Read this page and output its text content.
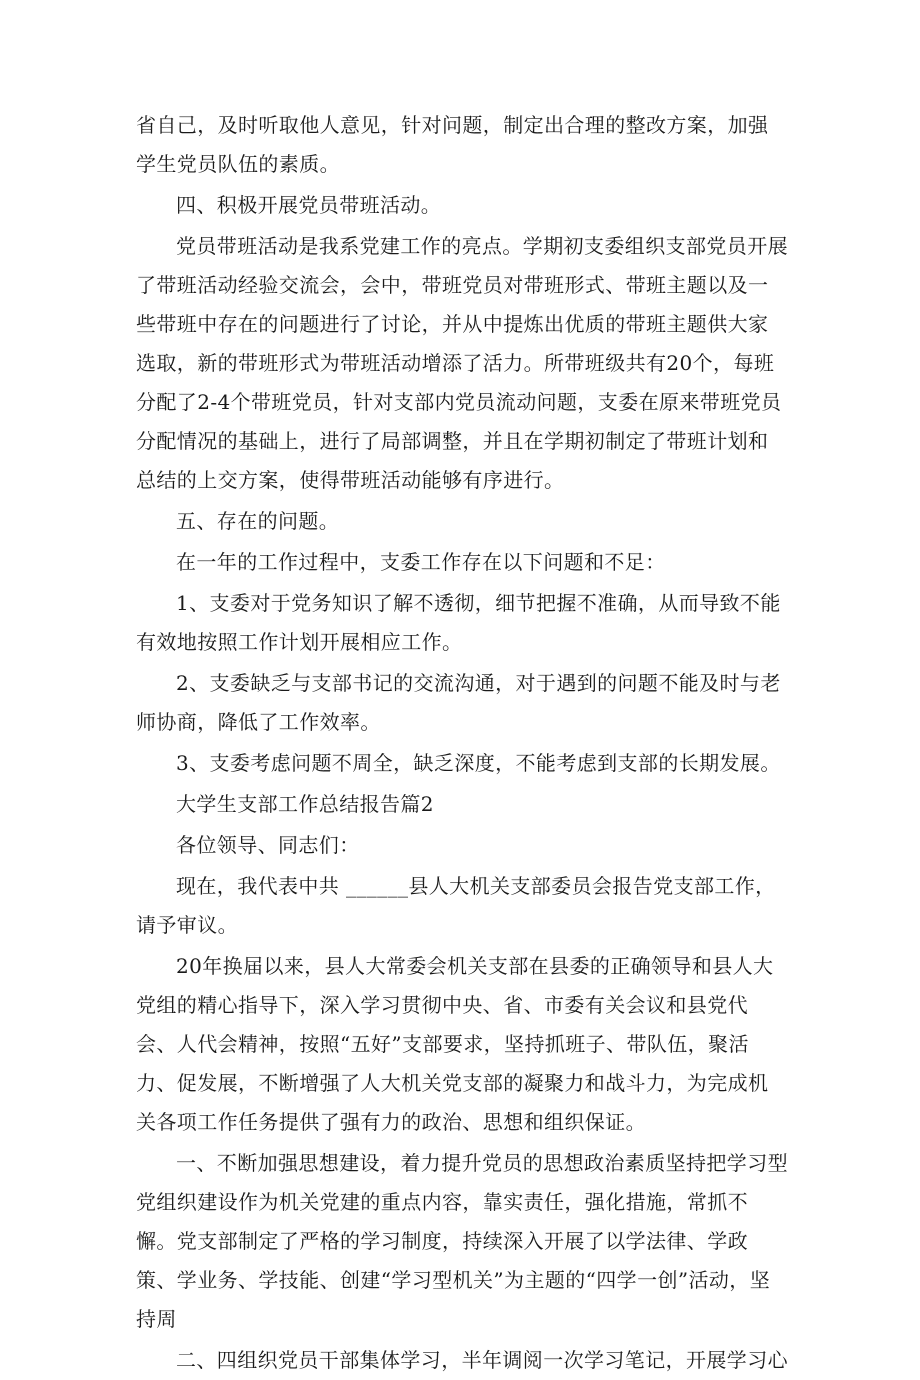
省自己，及时听取他人意见，针对问题，制定出合理的整改方案，加强学生党员队伍的素质。

四、积极开展党员带班活动。

党员带班活动是我系党建工作的亮点。学期初支委组织支部党员开展了带班活动经验交流会，会中，带班党员对带班形式、带班主题以及一些带班中存在的问题进行了讨论，并从中提炼出优质的带班主题供大家选取，新的带班形式为带班活动增添了活力。所带班级共有20个，每班分配了2-4个带班党员，针对支部内党员流动问题，支委在原来带班党员分配情况的基础上，进行了局部调整，并且在学期初制定了带班计划和总结的上交方案，使得带班活动能够有序进行。

五、存在的问题。

在一年的工作过程中，支委工作存在以下问题和不足：

1、支委对于党务知识了解不透彻，细节把握不准确，从而导致不能有效地按照工作计划开展相应工作。

2、支委缺乏与支部书记的交流沟通，对于遇到的问题不能及时与老师协商，降低了工作效率。

3、支委考虑问题不周全，缺乏深度，不能考虑到支部的长期发展。

大学生支部工作总结报告篇2

各位领导、同志们：

现在，我代表中共 ______县人大机关支部委员会报告党支部工作，

请予审议。

20年换届以来，县人大常委会机关支部在县委的正确领导和县人大党组的精心指导下，深入学习贯彻中央、省、市委有关会议和县党代会、人代会精神，按照“五好”支部要求，坚持抓班子、带队伍，聚活力、促发展，不断增强了人大机关党支部的凝聚力和战斗力，为完成机关各项工作任务提供了强有力的政治、思想和组织保证。

一、不断加强思想建设，着力提升党员的思想政治素质坚持把学习型党组织建设作为机关党建的重点内容，靠实责任，强化措施，常抓不懈。党支部制定了严格的学习制度，持续深入开展了以学法律、学政策、学业务、学技能、创建“学习型机关”为主题的“四学一创”活动，坚持周

二、四组织党员干部集体学习，半年调阅一次学习笔记，开展学习心
